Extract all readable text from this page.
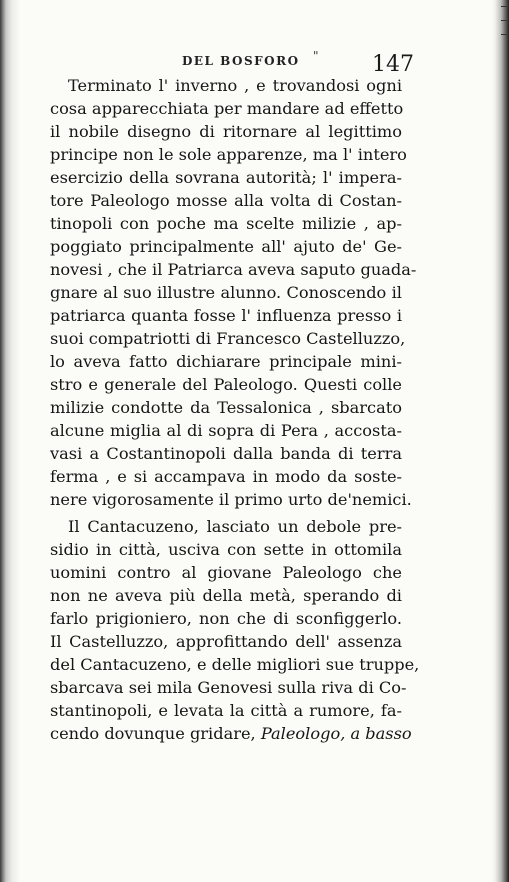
DEL BOSFORO " 147
Terminato l' inverno , e trovandosi ogni
cosa apparecchiata per mandare ad effetto
il nobile disegno di ritornare al legittimo
principe non le sole apparenze, ma l' intero
esercizio della sovrana autorità; l' impera-
tore Paleologo mosse alla volta di Costan-
tinopoli con poche ma scelte milizie , ap-
poggiato principalmente all' ajuto de' Ge-
novesi , che il Patriarca aveva saputo guada-
gnare al suo illustre alunno. Conoscendo il
patriarca quanta fosse l' influenza presso i
suoi compatriotti di Francesco Castelluzzo,
lo aveva fatto dichiarare principale mini-
stro e generale del Paleologo. Questi colle
milizie condotte da Tessalonica , sbarcato
alcune miglia al di sopra di Pera , accosta-
vasi a Costantinopoli dalla banda di terra
ferma , e si accampava in modo da soste-
nere vigorosamente il primo urto de'nemici.
Il Cantacuzeno, lasciato un debole pre-
sidio in città, usciva con sette in ottomila
uomini contro al giovane Paleologo che
non ne aveva più della metà, sperando di
farlo prigioniero, non che di sconfiggerlo.
Il Castelluzzo, approfittando dell' assenza
del Cantacuzeno, e delle migliori sue truppe,
sbarcava sei mila Genovesi sulla riva di Co-
stantinopoli, e levata la città a rumore, fa-
cendo dovunque gridare, Paleologo, a basso
